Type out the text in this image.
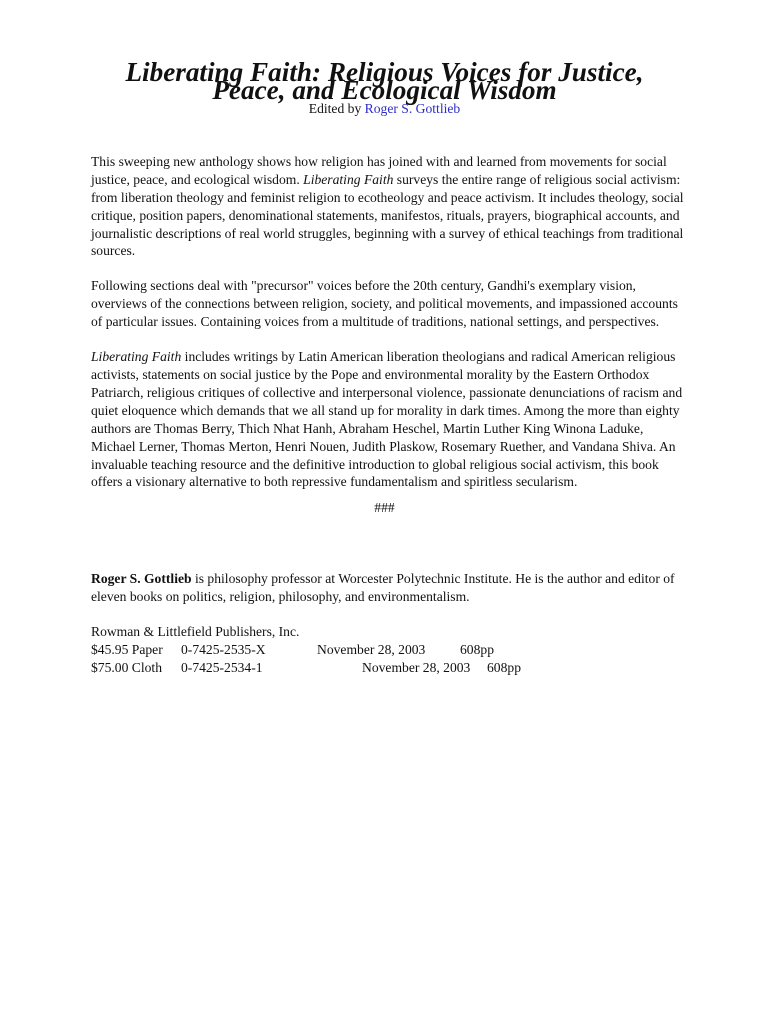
Liberating Faith: Religious Voices for Justice, Peace, and Ecological Wisdom
Edited by Roger S. Gottlieb

This sweeping new anthology shows how religion has joined with and learned from movements for social justice, peace, and ecological wisdom. Liberating Faith surveys the entire range of religious social activism: from liberation theology and feminist religion to ecotheology and peace activism. It includes theology, social critique, position papers, denominational statements, manifestos, rituals, prayers, biographical accounts, and journalistic descriptions of real world struggles, beginning with a survey of ethical teachings from traditional sources.

Following sections deal with "precursor" voices before the 20th century, Gandhi's exemplary vision, overviews of the connections between religion, society, and political movements, and impassioned accounts of particular issues. Containing voices from a multitude of traditions, national settings, and perspectives.

Liberating Faith includes writings by Latin American liberation theologians and radical American religious activists, statements on social justice by the Pope and environmental morality by the Eastern Orthodox Patriarch, religious critiques of collective and interpersonal violence, passionate denunciations of racism and quiet eloquence which demands that we all stand up for morality in dark times. Among the more than eighty authors are Thomas Berry, Thich Nhat Hanh, Abraham Heschel, Martin Luther King Winona Laduke, Michael Lerner, Thomas Merton, Henri Nouen, Judith Plaskow, Rosemary Ruether, and Vandana Shiva. An invaluable teaching resource and the definitive introduction to global religious social activism, this book offers a visionary alternative to both repressive fundamentalism and spiritless secularism.

###

Roger S. Gottlieb is philosophy professor at Worcester Polytechnic Institute. He is the author and editor of eleven books on politics, religion, philosophy, and environmentalism.

Rowman & Littlefield Publishers, Inc.

$45.95 Paper 0-7425-2535-X	November 28, 2003	608pp
$75.00 Cloth 0-7425-2534-1	November 28, 2003 608pp
